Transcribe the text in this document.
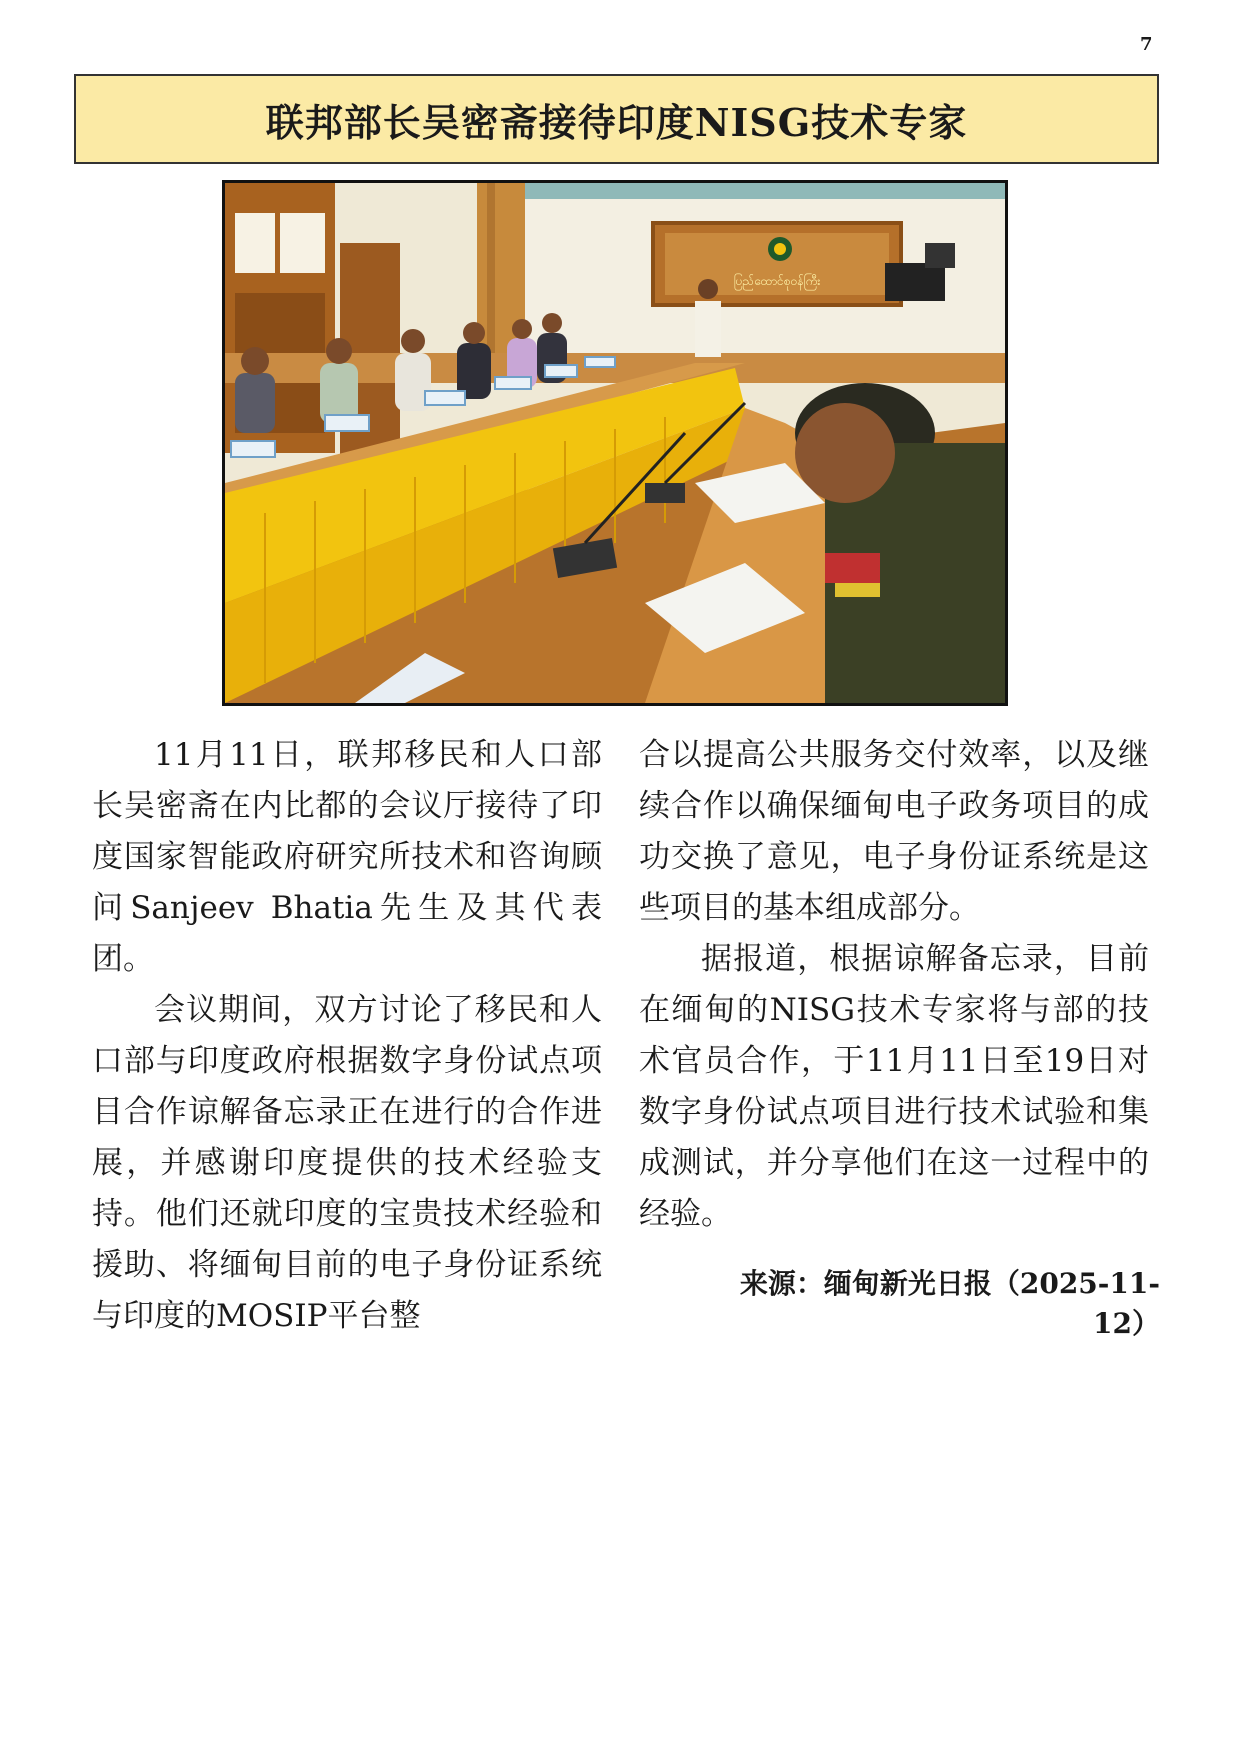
7
联邦部长吴密斋接待印度NISG技术专家
ပြည်ထောင်စုဝန်ကြီး

11月11日，联邦移民和人口部长吴密斋在内比都的会议厅接待了印度国家智能政府研究所技术和咨询顾问Sanjeev Bhatia先生及其代表团。

会议期间，双方讨论了移民和人口部与印度政府根据数字身份试点项目合作谅解备忘录正在进行的合作进展，并感谢印度提供的技术经验支持。他们还就印度的宝贵技术经验和援助、将缅甸目前的电子身份证系统与印度的MOSIP平台整

合以提高公共服务交付效率，以及继续合作以确保缅甸电子政务项目的成功交换了意见，电子身份证系统是这些项目的基本组成部分。

据报道，根据谅解备忘录，目前在缅甸的NISG技术专家将与部的技术官员合作，于11月11日至19日对数字身份试点项目进行技术试验和集成测试，并分享他们在这一过程中的经验。

来源：缅甸新光日报（2025-11-12）
